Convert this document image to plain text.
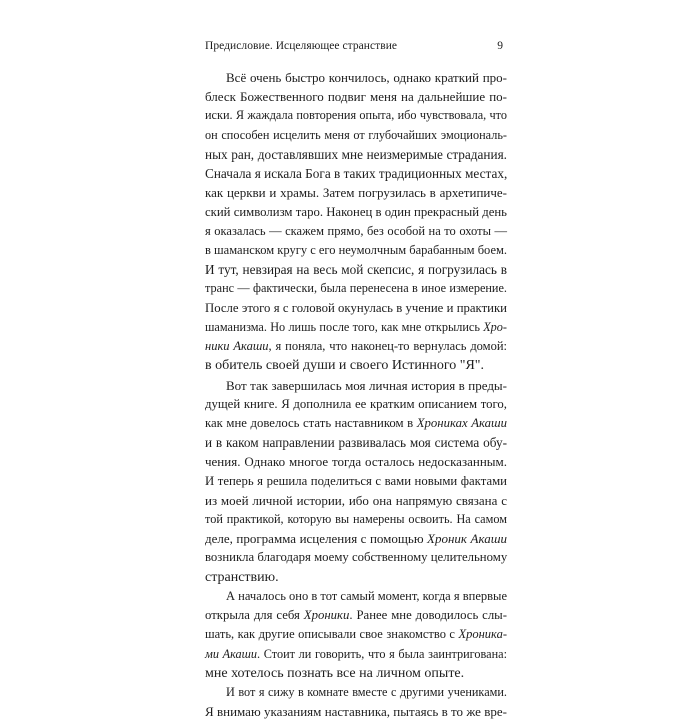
Предисловие. Исцеляющее странствие	9
Всё очень быстро кончилось, однако краткий про-
блеск Божественного подвиг меня на дальнейшие по-
иски. Я жаждала повторения опыта, ибо чувствовала, что
он способен исцелить меня от глубочайших эмоциональ-
ных ран, доставлявших мне неизмеримые страдания.
Сначала я искала Бога в таких традиционных местах,
как церкви и храмы. Затем погрузилась в архетипиче-
ский символизм таро. Наконец в один прекрасный день
я оказалась — скажем прямо, без особой на то охоты —
в шаманском кругу с его неумолчным барабанным боем.
И тут, невзирая на весь мой скепсис, я погрузилась в
транс — фактически, была перенесена в иное измерение.
После этого я с головой окунулась в учение и практики
шаманизма. Но лишь после того, как мне открылись Хро-
ники Акаши, я поняла, что наконец-то вернулась домой:
в обитель своей души и своего Истинного "Я".
Вот так завершилась моя личная история в преды-
дущей книге. Я дополнила ее кратким описанием того,
как мне довелось стать наставником в Хрониках Акаши
и в каком направлении развивалась моя система обу-
чения. Однако многое тогда осталось недосказанным.
И теперь я решила поделиться с вами новыми фактами
из моей личной истории, ибо она напрямую связана с
той практикой, которую вы намерены освоить. На самом
деле, программа исцеления с помощью Хроник Акаши
возникла благодаря моему собственному целительному
странствию.
А началось оно в тот самый момент, когда я впервые
открыла для себя Хроники. Ранее мне доводилось слы-
шать, как другие описывали свое знакомство с Хроника-
ми Акаши. Стоит ли говорить, что я была заинтригована:
мне хотелось познать все на личном опыте.
И вот я сижу в комнате вместе с другими учениками.
Я внимаю указаниям наставника, пытаясь в то же вре-
